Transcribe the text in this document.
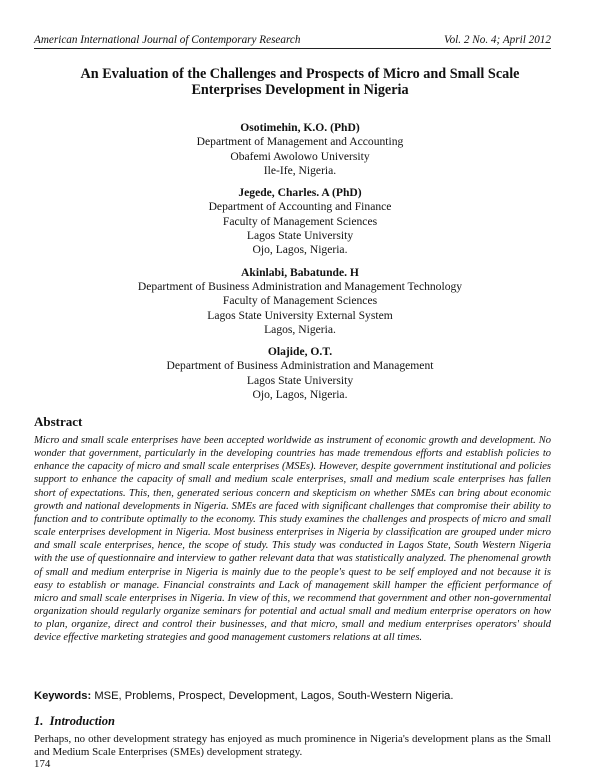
American International Journal of Contemporary Research	Vol. 2 No. 4; April 2012
An Evaluation of the Challenges and Prospects of Micro and Small Scale
Enterprises Development in Nigeria
Osotimehin, K.O. (PhD)
Department of Management and Accounting
Obafemi Awolowo University
Ile-Ife, Nigeria.
Jegede, Charles. A (PhD)
Department of Accounting and Finance
Faculty of Management Sciences
Lagos State University
Ojo, Lagos, Nigeria.
Akinlabi, Babatunde. H
Department of Business Administration and Management Technology
Faculty of Management Sciences
Lagos State University External System
Lagos, Nigeria.
Olajide, O.T.
Department of Business Administration and Management
Lagos State University
Ojo, Lagos, Nigeria.
Abstract
Micro and small scale enterprises have been accepted worldwide as instrument of economic growth and development. No wonder that government, particularly in the developing countries has made tremendous efforts and establish policies to enhance the capacity of micro and small scale enterprises (MSEs). However, despite government institutional and policies support to enhance the capacity of small and medium scale enterprises, small and medium scale enterprises has fallen short of expectations. This, then, generated serious concern and skepticism on whether SMEs can bring about economic growth and national developments in Nigeria. SMEs are faced with significant challenges that compromise their ability to function and to contribute optimally to the economy. This study examines the challenges and prospects of micro and small scale enterprises development in Nigeria. Most business enterprises in Nigeria by classification are grouped under micro and small scale enterprises, hence, the scope of study. This study was conducted in Lagos State, South Western Nigeria with the use of questionnaire and interview to gather relevant data that was statistically analyzed. The phenomenal growth of small and medium enterprise in Nigeria is mainly due to the people's quest to be self employed and not because it is easy to establish or manage. Financial constraints and Lack of management skill hamper the efficient performance of micro and small scale enterprises in Nigeria. In view of this, we recommend that government and other non-governmental organization should regularly organize seminars for potential and actual small and medium enterprise operators on how to plan, organize, direct and control their businesses, and that micro, small and medium enterprises operators' should device effective marketing strategies and good management customers relations at all times.
Keywords: MSE, Problems, Prospect, Development, Lagos, South-Western Nigeria.
1. Introduction
Perhaps, no other development strategy has enjoyed as much prominence in Nigeria's development plans as the Small and Medium Scale Enterprises (SMEs) development strategy.
174
